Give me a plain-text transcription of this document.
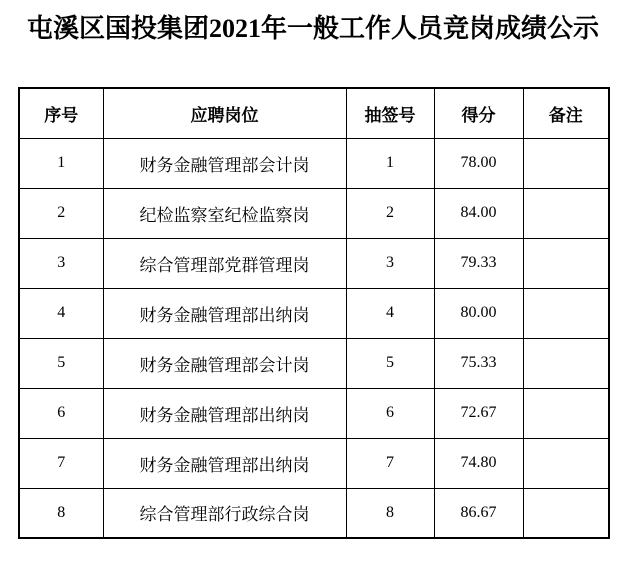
屯溪区国投集团2021年一般工作人员竞岗成绩公示
序号	应聘岗位	抽签号	得分	备注
1	财务金融管理部会计岗	1	78.00	
2	纪检监察室纪检监察岗	2	84.00	
3	综合管理部党群管理岗	3	79.33	
4	财务金融管理部出纳岗	4	80.00	
5	财务金融管理部会计岗	5	75.33	
6	财务金融管理部出纳岗	6	72.67	
7	财务金融管理部出纳岗	7	74.80	
8	综合管理部行政综合岗	8	86.67	
